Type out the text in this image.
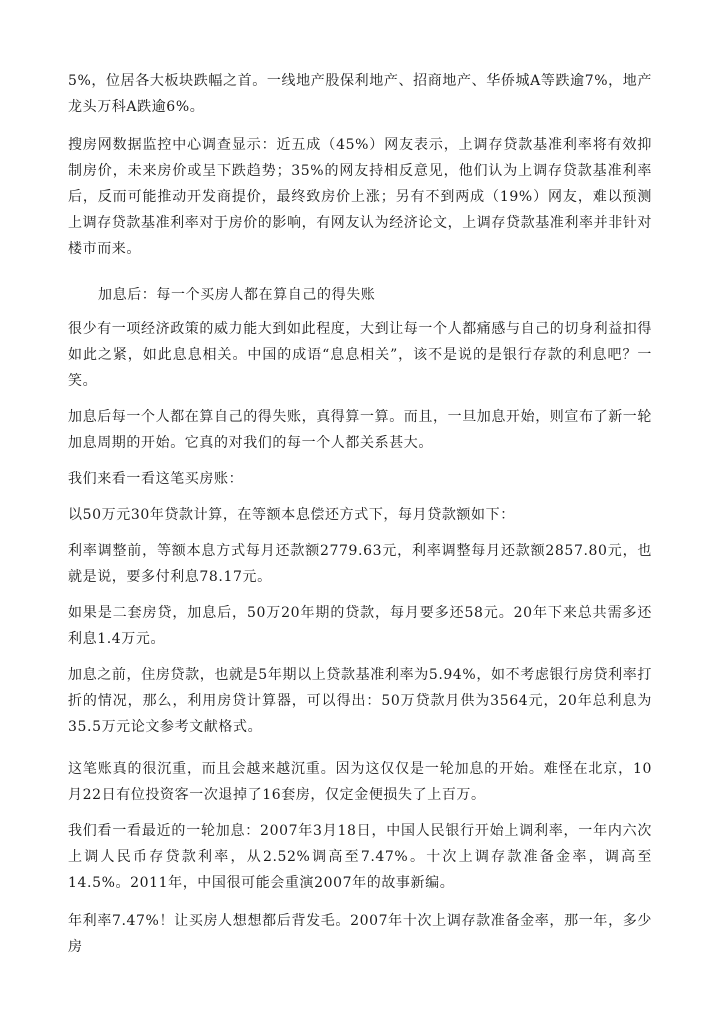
5%，位居各大板块跌幅之首。一线地产股保利地产、招商地产、华侨城A等跌逾7%，地产龙头万科A跌逾6%。

搜房网数据监控中心调查显示：近五成（45%）网友表示，上调存贷款基准利率将有效抑制房价，未来房价或呈下跌趋势；35%的网友持相反意见，他们认为上调存贷款基准利率后，反而可能推动开发商提价，最终致房价上涨；另有不到两成（19%）网友，难以预测上调存贷款基准利率对于房价的影响，有网友认为经济论文，上调存贷款基准利率并非针对楼市而来。

加息后：每一个买房人都在算自己的得失账

很少有一项经济政策的威力能大到如此程度，大到让每一个人都痛感与自己的切身利益扣得如此之紧，如此息息相关。中国的成语“息息相关”，该不是说的是银行存款的利息吧？一笑。

加息后每一个人都在算自己的得失账，真得算一算。而且，一旦加息开始，则宣布了新一轮加息周期的开始。它真的对我们的每一个人都关系甚大。

我们来看一看这笔买房账：

以50万元30年贷款计算，在等额本息偿还方式下，每月贷款额如下：

利率调整前，等额本息方式每月还款额2779.63元，利率调整每月还款额2857.80元，也就是说，要多付利息78.17元。

如果是二套房贷，加息后，50万20年期的贷款，每月要多还58元。20年下来总共需多还利息1.4万元。

加息之前，住房贷款，也就是5年期以上贷款基准利率为5.94%，如不考虑银行房贷利率打折的情况，那么，利用房贷计算器，可以得出：50万贷款月供为3564元，20年总利息为35.5万元论文参考文献格式。

这笔账真的很沉重，而且会越来越沉重。因为这仅仅是一轮加息的开始。难怪在北京，10月22日有位投资客一次退掉了16套房，仅定金便损失了上百万。

我们看一看最近的一轮加息：2007年3月18日，中国人民银行开始上调利率，一年内六次上调人民币存贷款利率，从2.52%调高至7.47%。十次上调存款准备金率，调高至14.5%。2011年，中国很可能会重演2007年的故事新编。

年利率7.47%！让买房人想想都后背发毛。2007年十次上调存款准备金率，那一年，多少房
